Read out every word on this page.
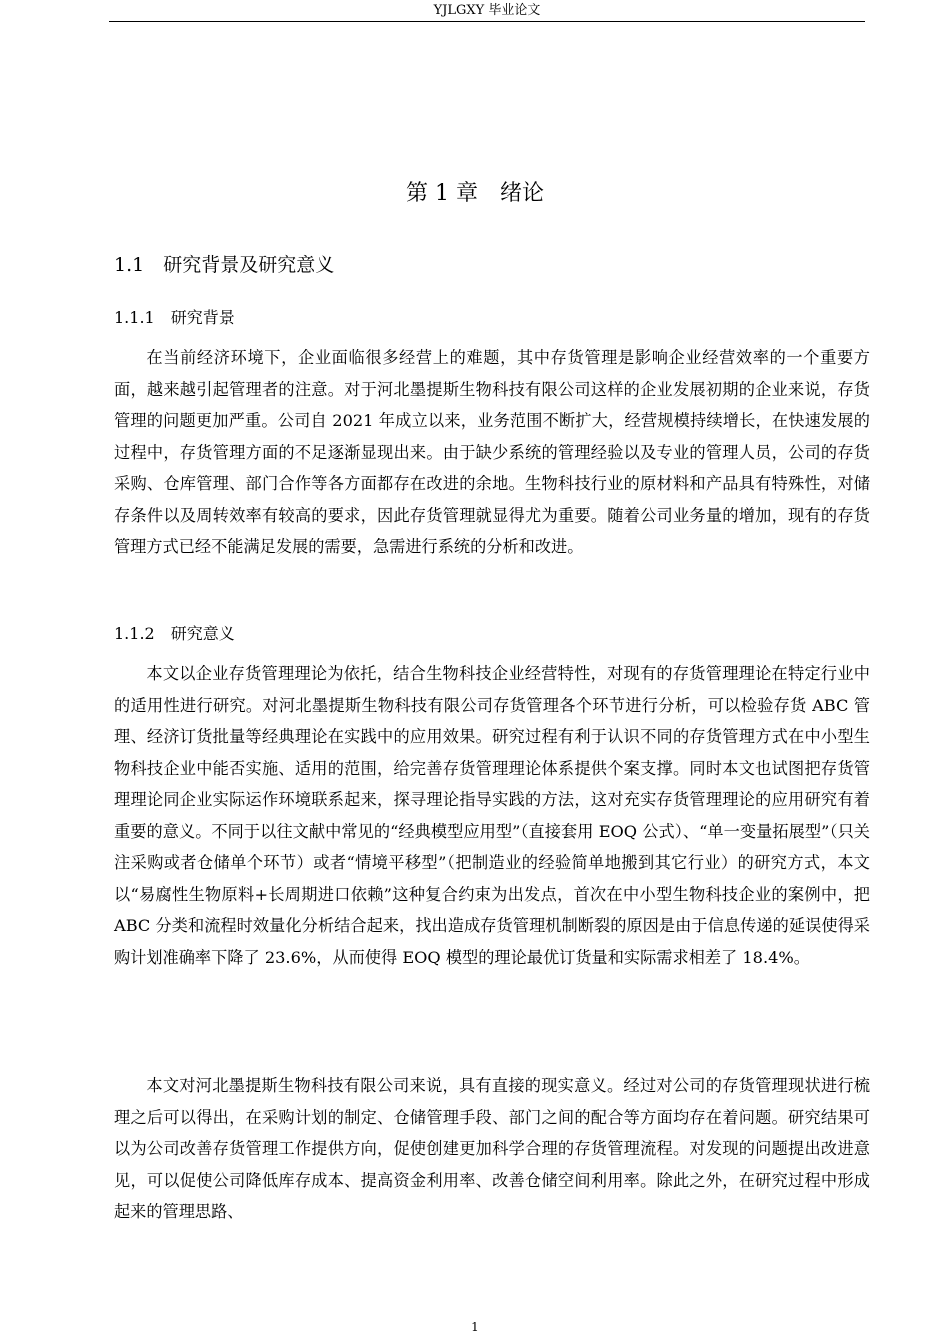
YJLGXY 毕业论文
第 1 章　绪论
1.1　研究背景及研究意义
1.1.1　研究背景

在当前经济环境下，企业面临很多经营上的难题，其中存货管理是影响企业经营效率的一个重要方面，越来越引起管理者的注意。对于河北墨提斯生物科技有限公司这样的企业发展初期的企业来说，存货管理的问题更加严重。公司自 2021 年成立以来，业务范围不断扩大，经营规模持续增长，在快速发展的过程中，存货管理方面的不足逐渐显现出来。由于缺少系统的管理经验以及专业的管理人员，公司的存货采购、仓库管理、部门合作等各方面都存在改进的余地。生物科技行业的原材料和产品具有特殊性，对储存条件以及周转效率有较高的要求，因此存货管理就显得尤为重要。随着公司业务量的增加，现有的存货管理方式已经不能满足发展的需要，急需进行系统的分析和改进。

1.1.2　研究意义

本文以企业存货管理理论为依托，结合生物科技企业经营特性，对现有的存货管理理论在特定行业中的适用性进行研究。对河北墨提斯生物科技有限公司存货管理各个环节进行分析，可以检验存货 ABC 管理、经济订货批量等经典理论在实践中的应用效果。研究过程有利于认识不同的存货管理方式在中小型生物科技企业中能否实施、适用的范围，给完善存货管理理论体系提供个案支撑。同时本文也试图把存货管理理论同企业实际运作环境联系起来，探寻理论指导实践的方法，这对充实存货管理理论的应用研究有着重要的意义。不同于以往文献中常见的“经典模型应用型”（直接套用 EOQ 公式）、“单一变量拓展型”（只关注采购或者仓储单个环节）或者“情境平移型”（把制造业的经验简单地搬到其它行业）的研究方式，本文以“易腐性生物原料+长周期进口依赖”这种复合约束为出发点，首次在中小型生物科技企业的案例中，把 ABC 分类和流程时效量化分析结合起来，找出造成存货管理机制断裂的原因是由于信息传递的延误使得采购计划准确率下降了 23.6%，从而使得 EOQ 模型的理论最优订货量和实际需求相差了 18.4%。

本文对河北墨提斯生物科技有限公司来说，具有直接的现实意义。经过对公司的存货管理现状进行梳理之后可以得出，在采购计划的制定、仓储管理手段、部门之间的配合等方面均存在着问题。研究结果可以为公司改善存货管理工作提供方向，促使创建更加科学合理的存货管理流程。对发现的问题提出改进意见，可以促使公司降低库存成本、提高资金利用率、改善仓储空间利用率。除此之外，在研究过程中形成起来的管理思路、

1
